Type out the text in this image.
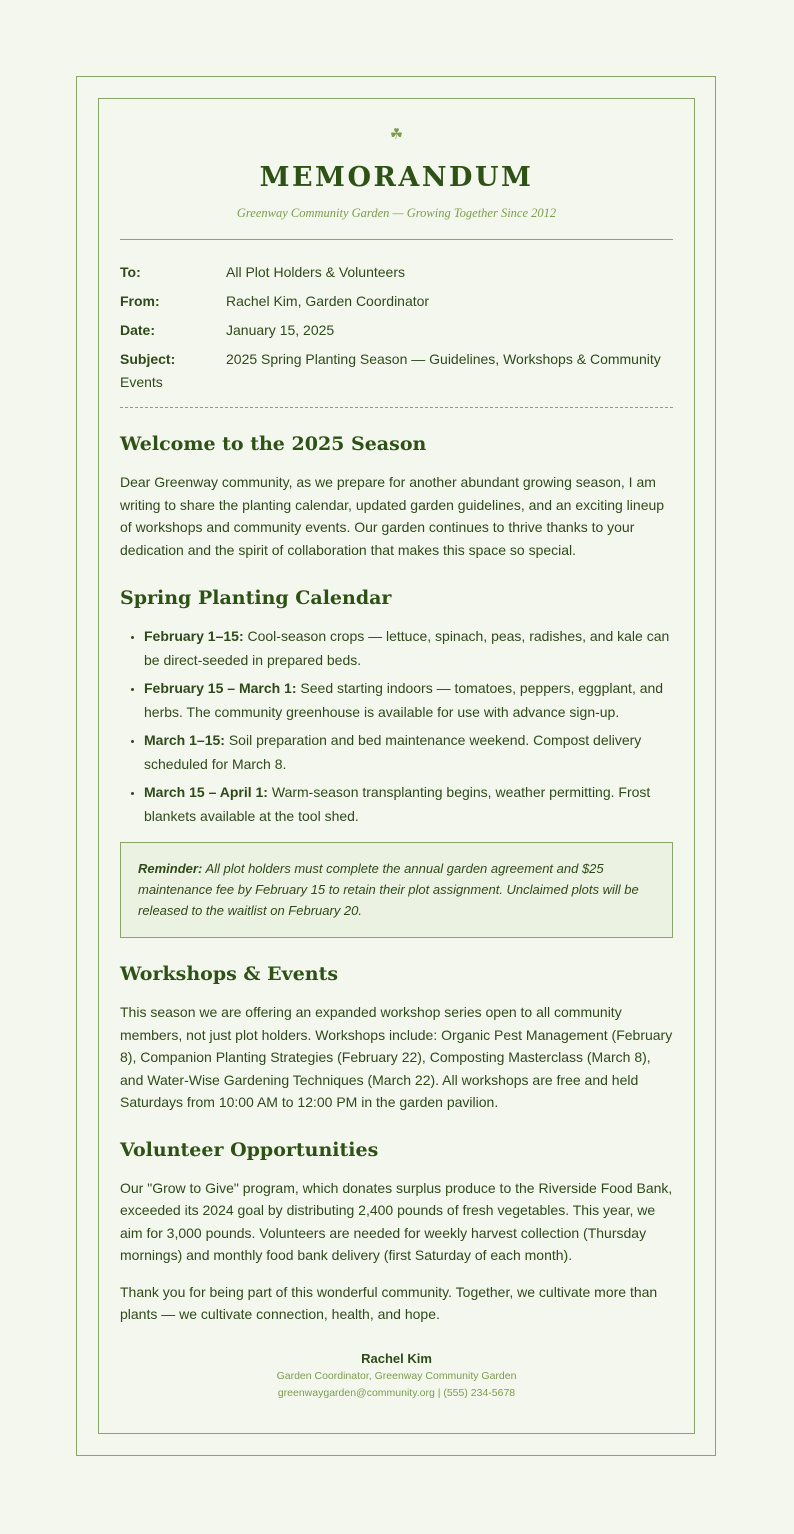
☘
MEMORANDUM
Greenway Community Garden — Growing Together Since 2012
To:	All Plot Holders & Volunteers
From:	Rachel Kim, Garden Coordinator
Date:	January 15, 2025
Subject:	2025 Spring Planting Season — Guidelines, Workshops & Community Events
Welcome to the 2025 Season

Dear Greenway community, as we prepare for another abundant growing season, I am writing to share the planting calendar, updated garden guidelines, and an exciting lineup of workshops and community events. Our garden continues to thrive thanks to your dedication and the spirit of collaboration that makes this space so special.

Spring Planting Calendar
• February 1–15: Cool-season crops — lettuce, spinach, peas, radishes, and kale can be direct-seeded in prepared beds.
• February 15 – March 1: Seed starting indoors — tomatoes, peppers, eggplant, and herbs. The community greenhouse is available for use with advance sign-up.
• March 1–15: Soil preparation and bed maintenance weekend. Compost delivery scheduled for March 8.
• March 15 – April 1: Warm-season transplanting begins, weather permitting. Frost blankets available at the tool shed.
Reminder: All plot holders must complete the annual garden agreement and $25 maintenance fee by February 15 to retain their plot assignment. Unclaimed plots will be released to the waitlist on February 20.
Workshops & Events

This season we are offering an expanded workshop series open to all community members, not just plot holders. Workshops include: Organic Pest Management (February 8), Companion Planting Strategies (February 22), Composting Masterclass (March 8), and Water-Wise Gardening Techniques (March 22). All workshops are free and held Saturdays from 10:00 AM to 12:00 PM in the garden pavilion.

Volunteer Opportunities

Our "Grow to Give" program, which donates surplus produce to the Riverside Food Bank, exceeded its 2024 goal by distributing 2,400 pounds of fresh vegetables. This year, we aim for 3,000 pounds. Volunteers are needed for weekly harvest collection (Thursday mornings) and monthly food bank delivery (first Saturday of each month).

Thank you for being part of this wonderful community. Together, we cultivate more than plants — we cultivate connection, health, and hope.

Rachel Kim
Garden Coordinator, Greenway Community Garden
greenwaygarden@community.org | (555) 234-5678
